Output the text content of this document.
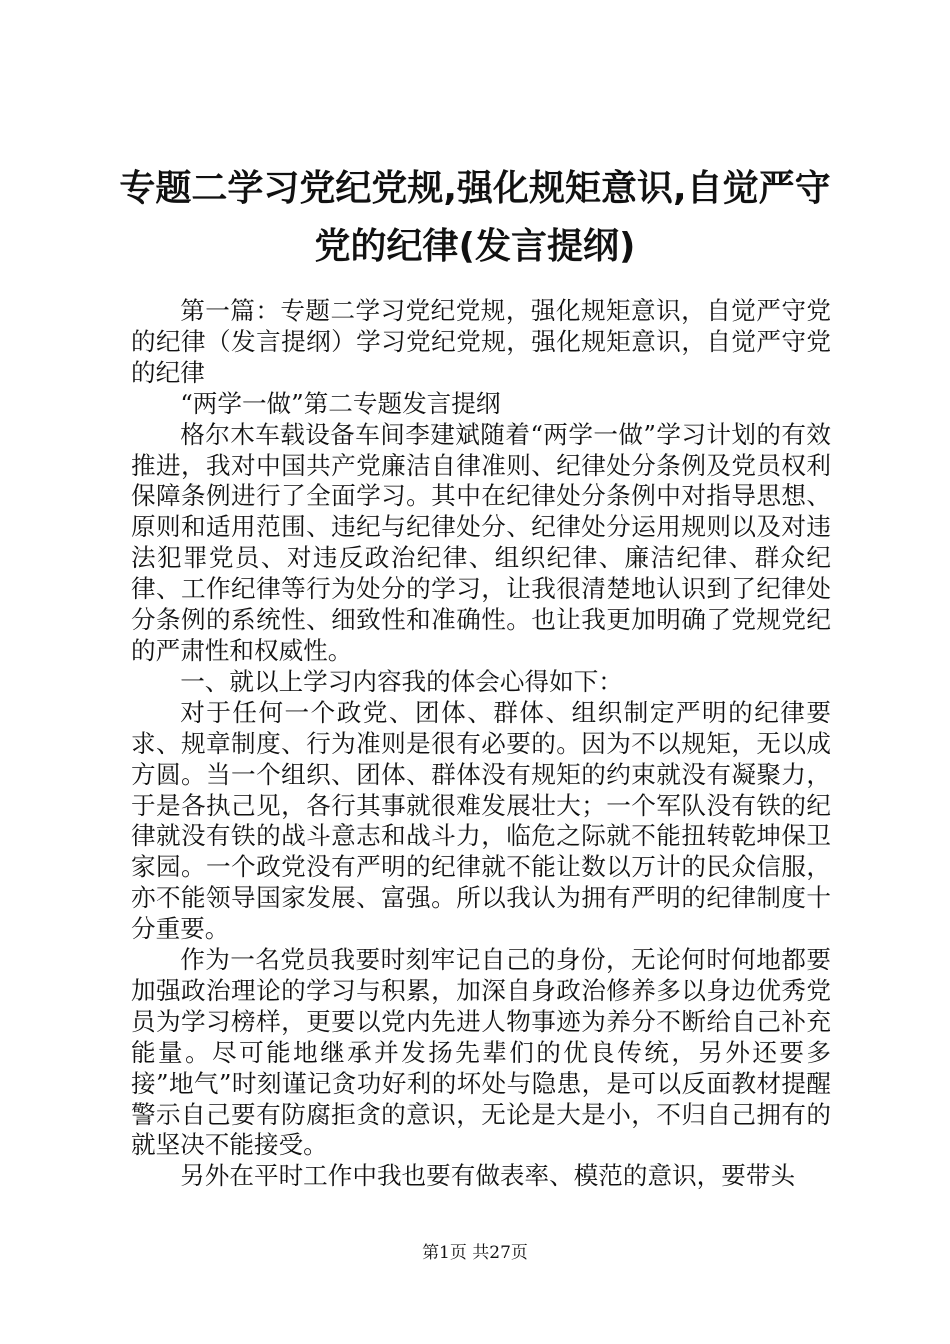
专题二学习党纪党规,强化规矩意识,自觉严守
党的纪律(发言提纲)

第一篇：专题二学习党纪党规，强化规矩意识，自觉严守党的纪律（发言提纲）学习党纪党规，强化规矩意识，自觉严守党的纪律

“两学一做”第二专题发言提纲

格尔木车载设备车间李建斌随着“两学一做”学习计划的有效推进，我对中国共产党廉洁自律准则、纪律处分条例及党员权利保障条例进行了全面学习。其中在纪律处分条例中对指导思想、原则和适用范围、违纪与纪律处分、纪律处分运用规则以及对违法犯罪党员、对违反政治纪律、组织纪律、廉洁纪律、群众纪律、工作纪律等行为处分的学习，让我很清楚地认识到了纪律处分条例的系统性、细致性和准确性。也让我更加明确了党规党纪的严肃性和权威性。

一、就以上学习内容我的体会心得如下：

对于任何一个政党、团体、群体、组织制定严明的纪律要求、规章制度、行为准则是很有必要的。因为不以规矩，无以成方圆。当一个组织、团体、群体没有规矩的约束就没有凝聚力，于是各执己见，各行其事就很难发展壮大；一个军队没有铁的纪律就没有铁的战斗意志和战斗力，临危之际就不能扭转乾坤保卫家园。一个政党没有严明的纪律就不能让数以万计的民众信服，亦不能领导国家发展、富强。所以我认为拥有严明的纪律制度十分重要。

作为一名党员我要时刻牢记自己的身份，无论何时何地都要加强政治理论的学习与积累，加深自身政治修养多以身边优秀党员为学习榜样，更要以党内先进人物事迹为养分不断给自己补充能量。尽可能地继承并发扬先辈们的优良传统，另外还要多接”地气”时刻谨记贪功好利的坏处与隐患，是可以反面教材提醒警示自己要有防腐拒贪的意识，无论是大是小，不归自己拥有的就坚决不能接受。

另外在平时工作中我也要有做表率、模范的意识，要带头

第1页 共27页
